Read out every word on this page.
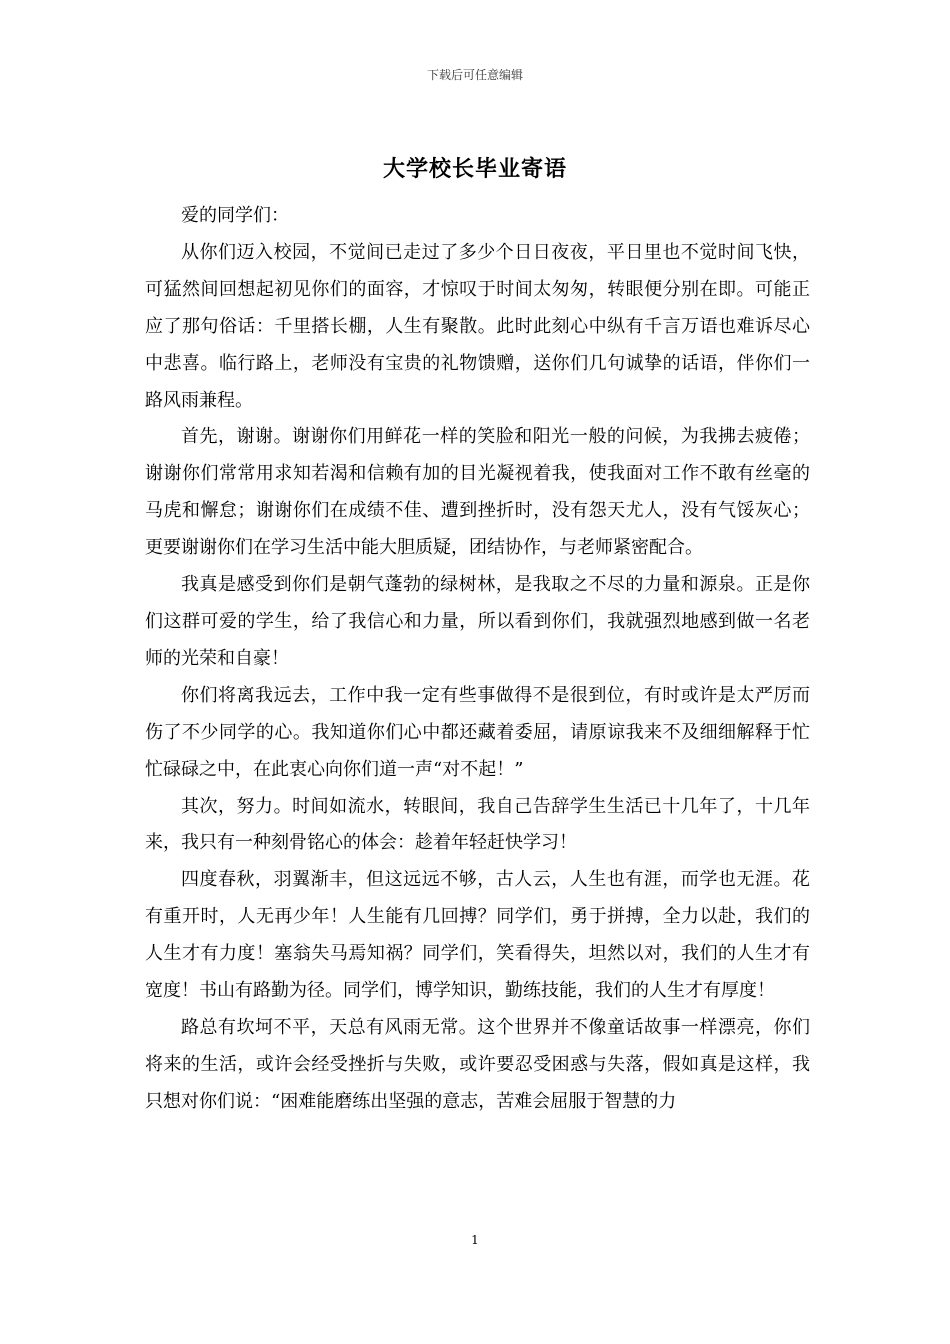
下载后可任意编辑
大学校长毕业寄语

爱的同学们：

从你们迈入校园，不觉间已走过了多少个日日夜夜，平日里也不觉时间飞快，可猛然间回想起初见你们的面容，才惊叹于时间太匆匆，转眼便分别在即。可能正应了那句俗话：千里搭长棚，人生有聚散。此时此刻心中纵有千言万语也难诉尽心中悲喜。临行路上，老师没有宝贵的礼物馈赠，送你们几句诚挚的话语，伴你们一路风雨兼程。

首先，谢谢。谢谢你们用鲜花一样的笑脸和阳光一般的问候，为我拂去疲倦；谢谢你们常常用求知若渴和信赖有加的目光凝视着我，使我面对工作不敢有丝毫的马虎和懈怠；谢谢你们在成绩不佳、遭到挫折时，没有怨天尤人，没有气馁灰心；更要谢谢你们在学习生活中能大胆质疑，团结协作，与老师紧密配合。

我真是感受到你们是朝气蓬勃的绿树林，是我取之不尽的力量和源泉。正是你们这群可爱的学生，给了我信心和力量，所以看到你们，我就强烈地感到做一名老师的光荣和自豪！

你们将离我远去，工作中我一定有些事做得不是很到位，有时或许是太严厉而伤了不少同学的心。我知道你们心中都还藏着委屈，请原谅我来不及细细解释于忙忙碌碌之中，在此衷心向你们道一声“对不起！”

其次，努力。时间如流水，转眼间，我自己告辞学生生活已十几年了，十几年来，我只有一种刻骨铭心的体会：趁着年轻赶快学习！

四度春秋，羽翼渐丰，但这远远不够，古人云，人生也有涯，而学也无涯。花有重开时，人无再少年！人生能有几回搏？同学们，勇于拼搏，全力以赴，我们的人生才有力度！塞翁失马焉知祸？同学们，笑看得失，坦然以对，我们的人生才有宽度！书山有路勤为径。同学们，博学知识，勤练技能，我们的人生才有厚度！

路总有坎坷不平，天总有风雨无常。这个世界并不像童话故事一样漂亮，你们将来的生活，或许会经受挫折与失败，或许要忍受困惑与失落，假如真是这样，我只想对你们说：“困难能磨练出坚强的意志，苦难会屈服于智慧的力

1
